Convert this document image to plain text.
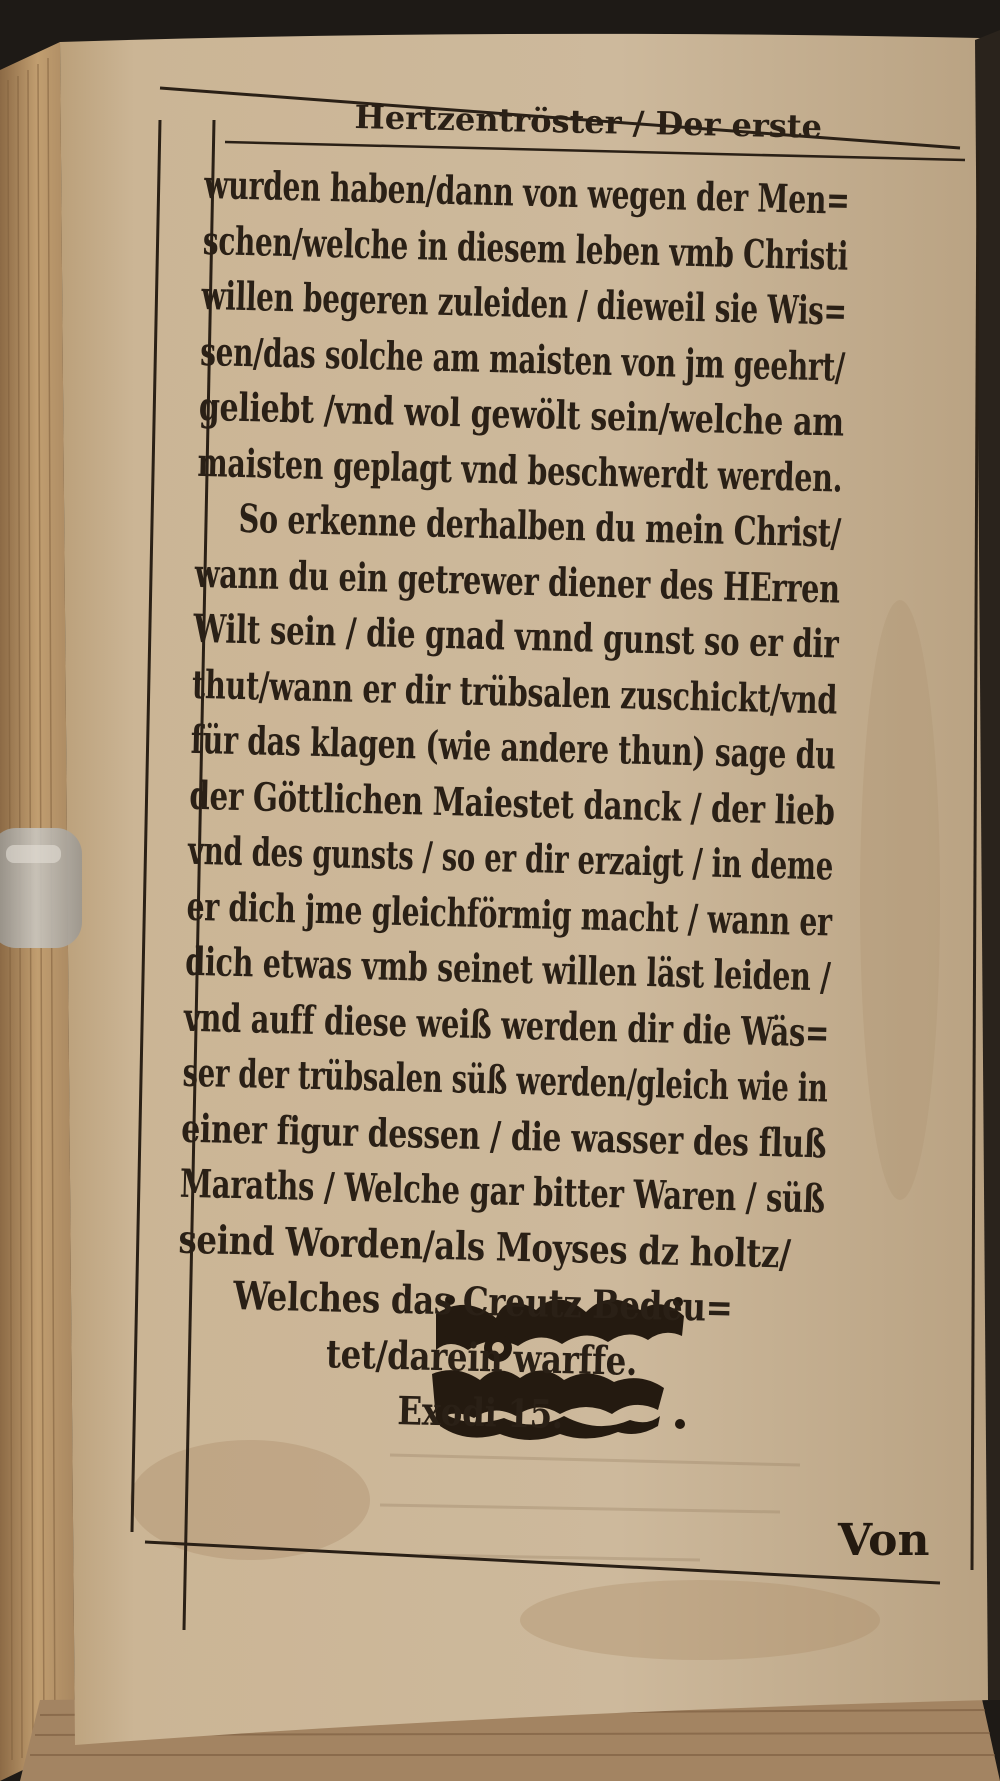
Hertzentröster / Der erste
wurden haben/dann von wegen der Men=
schen/welche in diesem leben vmb Christi
willen begeren zuleiden / dieweil sie Wis=
sen/das solche am maisten von jm geehrt/
geliebt /vnd wol gewölt sein/welche am
maisten geplagt vnd beschwerdt werden.
So erkenne derhalben du mein Christ/
wann du ein getrewer diener des HErren
Wilt sein / die gnad vnnd gunst so er dir
thut/wann er dir trübsalen zuschickt/vnd
für das klagen (wie andere thun) sage du
der Göttlichen Maiestet danck / der lieb
vnd des gunsts / so er dir erzaigt / in deme
er dich jme gleichförmig macht / wann er
dich etwas vmb seinet willen läst leiden /
vnd auff diese weiß werden dir die Wäs=
ser der trübsalen süß werden/gleich wie in
einer figur dessen / die wasser des fluß
Maraths / Welche gar bitter Waren / süß
seind Worden/als Moyses dz holtz/
Welches das Creutz Bedeu=
tet/darein warffe.
Exodi 15.
Von
